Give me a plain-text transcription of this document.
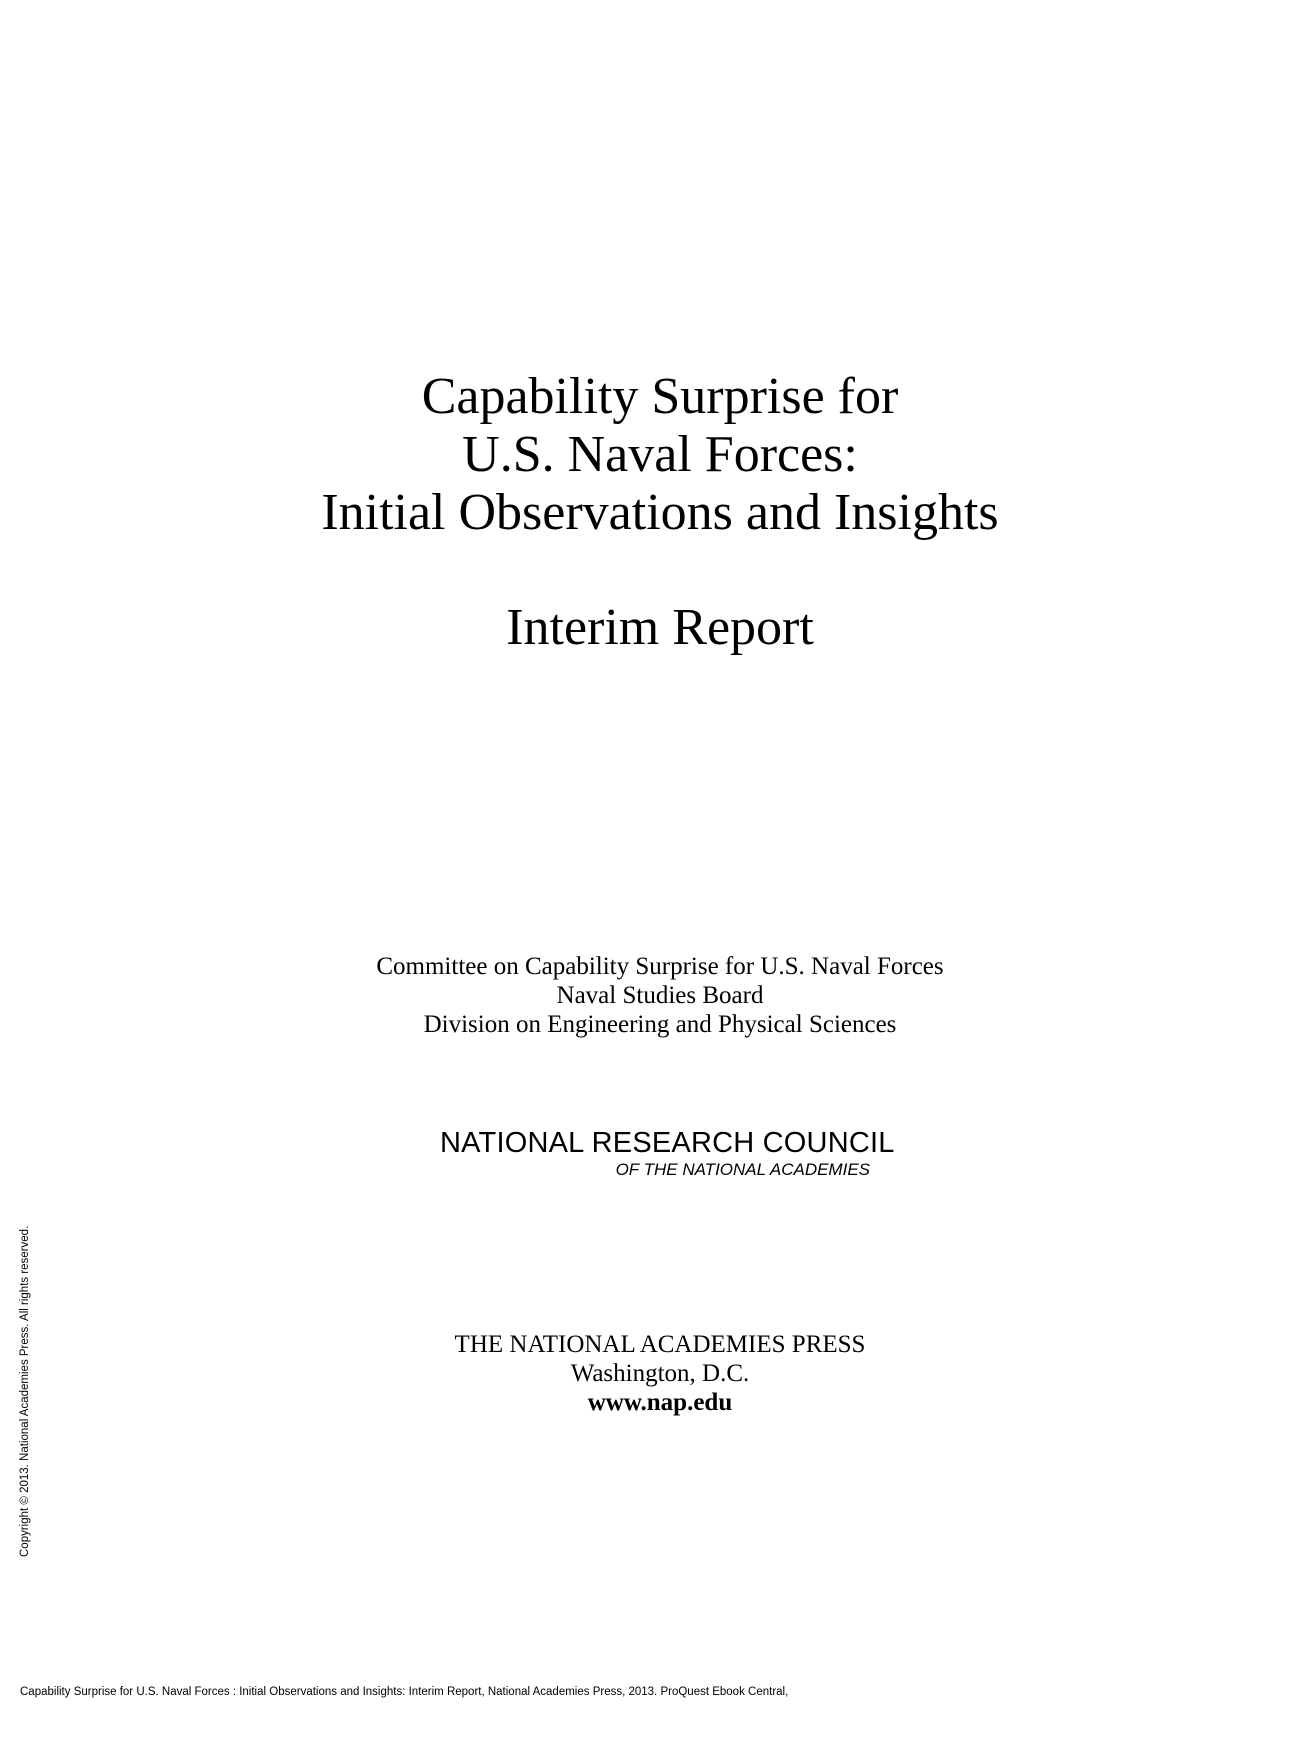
Capability Surprise for
U.S. Naval Forces:
Initial Observations and Insights
Interim Report
Committee on Capability Surprise for U.S. Naval Forces
Naval Studies Board
Division on Engineering and Physical Sciences
NATIONAL RESEARCH COUNCIL
OF THE NATIONAL ACADEMIES
THE NATIONAL ACADEMIES PRESS
Washington, D.C.
www.nap.edu
Copyright © 2013. National Academies Press. All rights reserved.
Capability Surprise for U.S. Naval Forces : Initial Observations and Insights: Interim Report, National Academies Press, 2013. ProQuest Ebook Central,
